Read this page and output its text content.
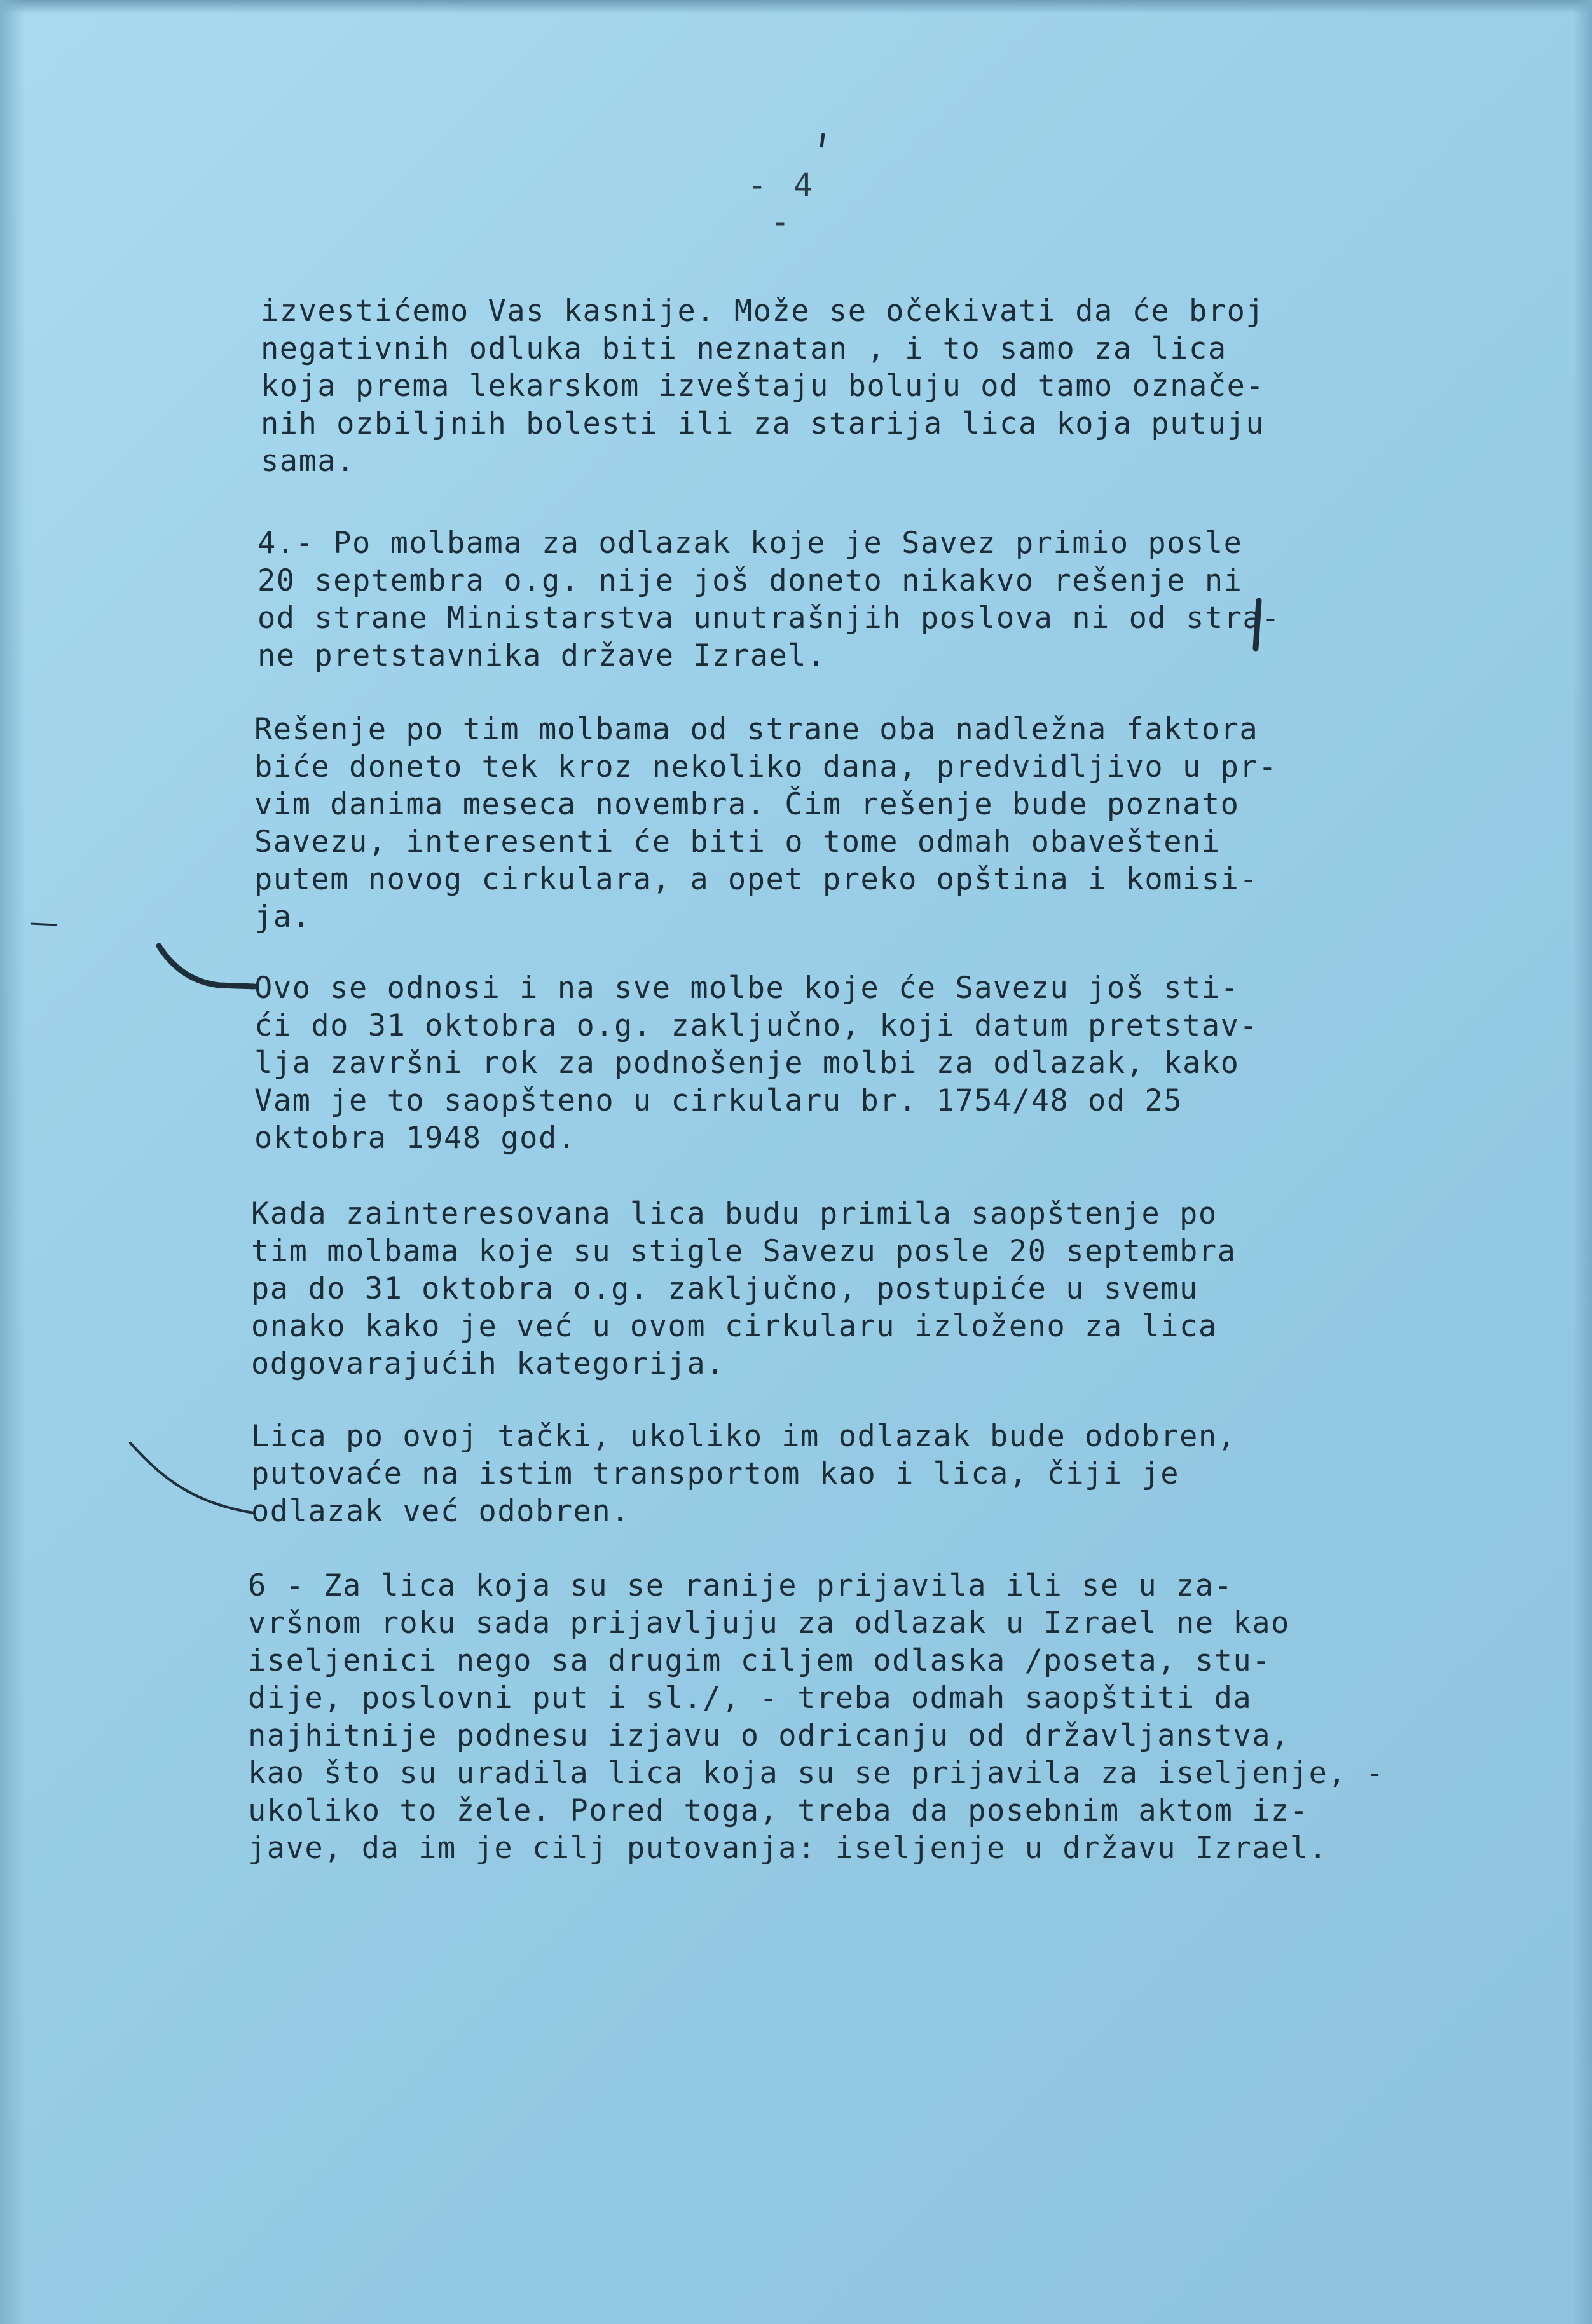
- 4 -
izvestićemo Vas kasnije. Može se očekivati da će broj
negativnih odluka biti neznatan , i to samo za lica
koja prema lekarskom izveštaju boluju od tamo označe-
nih ozbiljnih bolesti ili za starija lica koja putuju
sama.
4.- Po molbama za odlazak koje je Savez primio posle
20 septembra o.g. nije još doneto nikakvo rešenje ni
od strane Ministarstva unutrašnjih poslova ni od stra-
ne pretstavnika države Izrael.
Rešenje po tim molbama od strane oba nadležna faktora
biće doneto tek kroz nekoliko dana, predvidljivo u pr-
vim danima meseca novembra. Čim rešenje bude poznato
Savezu, interesenti će biti o tome odmah obavešteni
putem novog cirkulara, a opet preko opština i komisi-
ja.
Ovo se odnosi i na sve molbe koje će Savezu još sti-
ći do 31 oktobra o.g. zaključno, koji datum pretstav-
lja završni rok za podnošenje molbi za odlazak, kako
Vam je to saopšteno u cirkularu br. 1754/48 od 25
oktobra 1948 god.
Kada zainteresovana lica budu primila saopštenje po
tim molbama koje su stigle Savezu posle 20 septembra
pa do 31 oktobra o.g. zaključno, postupiće u svemu
onako kako je već u ovom cirkularu izloženo za lica
odgovarajućih kategorija.
Lica po ovoj tački, ukoliko im odlazak bude odobren,
putovaće na istim transportom kao i lica, čiji je
odlazak već odobren.
6 - Za lica koja su se ranije prijavila ili se u za-
vršnom roku sada prijavljuju za odlazak u Izrael ne kao
iseljenici nego sa drugim ciljem odlaska /poseta, stu-
dije, poslovni put i sl./, - treba odmah saopštiti da
najhitnije podnesu izjavu o odricanju od državljanstva,
kao što su uradila lica koja su se prijavila za iseljenje, -
ukoliko to žele. Pored toga, treba da posebnim aktom iz-
jave, da im je cilj putovanja: iseljenje u državu Izrael.
